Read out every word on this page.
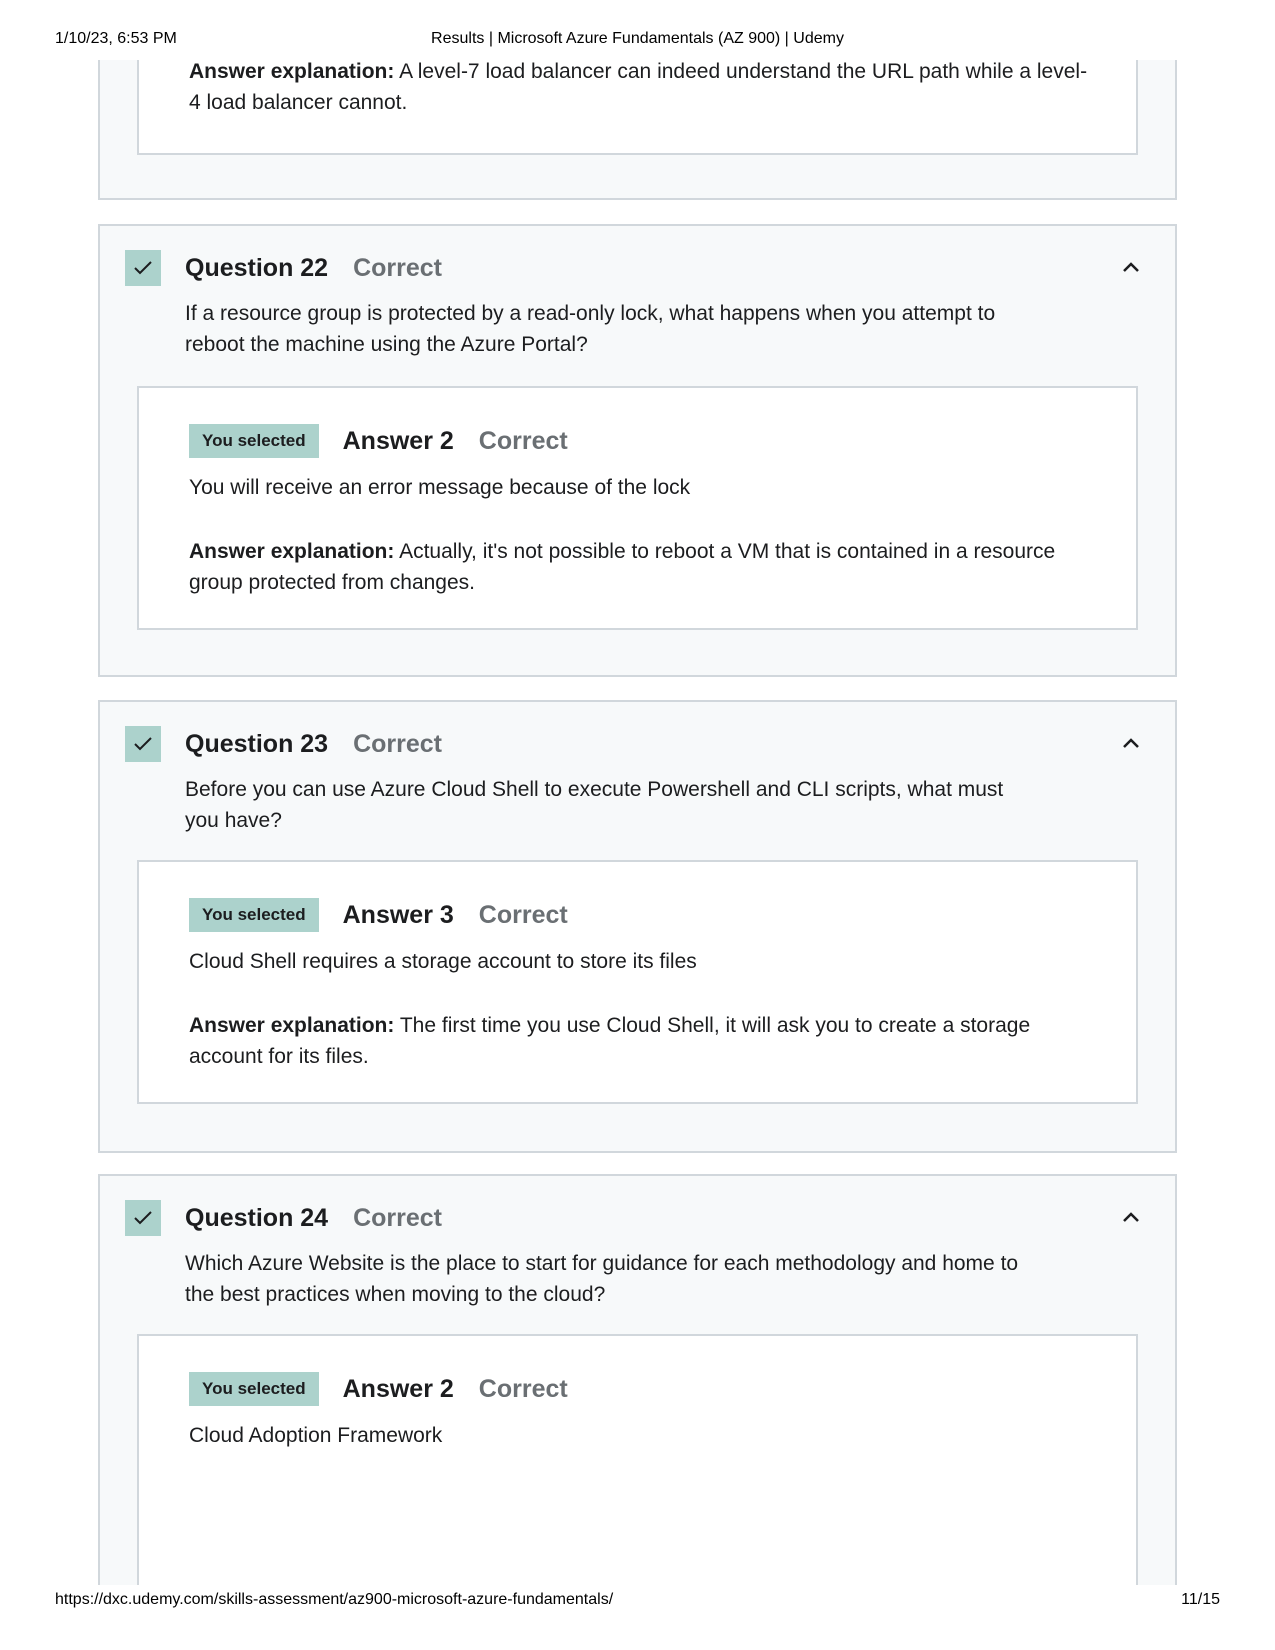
1/10/23, 6:53 PM	Results | Microsoft Azure Fundamentals (AZ 900) | Udemy
Answer explanation: A level-7 load balancer can indeed understand the URL path while a level-4 load balancer cannot.
Question 22 Correct
If a resource group is protected by a read-only lock, what happens when you attempt to reboot the machine using the Azure Portal?
You selected	Answer 2 Correct
You will receive an error message because of the lock
Answer explanation: Actually, it's not possible to reboot a VM that is contained in a resource group protected from changes.
Question 23 Correct
Before you can use Azure Cloud Shell to execute Powershell and CLI scripts, what must you have?
You selected	Answer 3 Correct
Cloud Shell requires a storage account to store its files
Answer explanation: The first time you use Cloud Shell, it will ask you to create a storage account for its files.
Question 24 Correct
Which Azure Website is the place to start for guidance for each methodology and home to the best practices when moving to the cloud?
You selected	Answer 2 Correct
Cloud Adoption Framework
https://dxc.udemy.com/skills-assessment/az900-microsoft-azure-fundamentals/	11/15
